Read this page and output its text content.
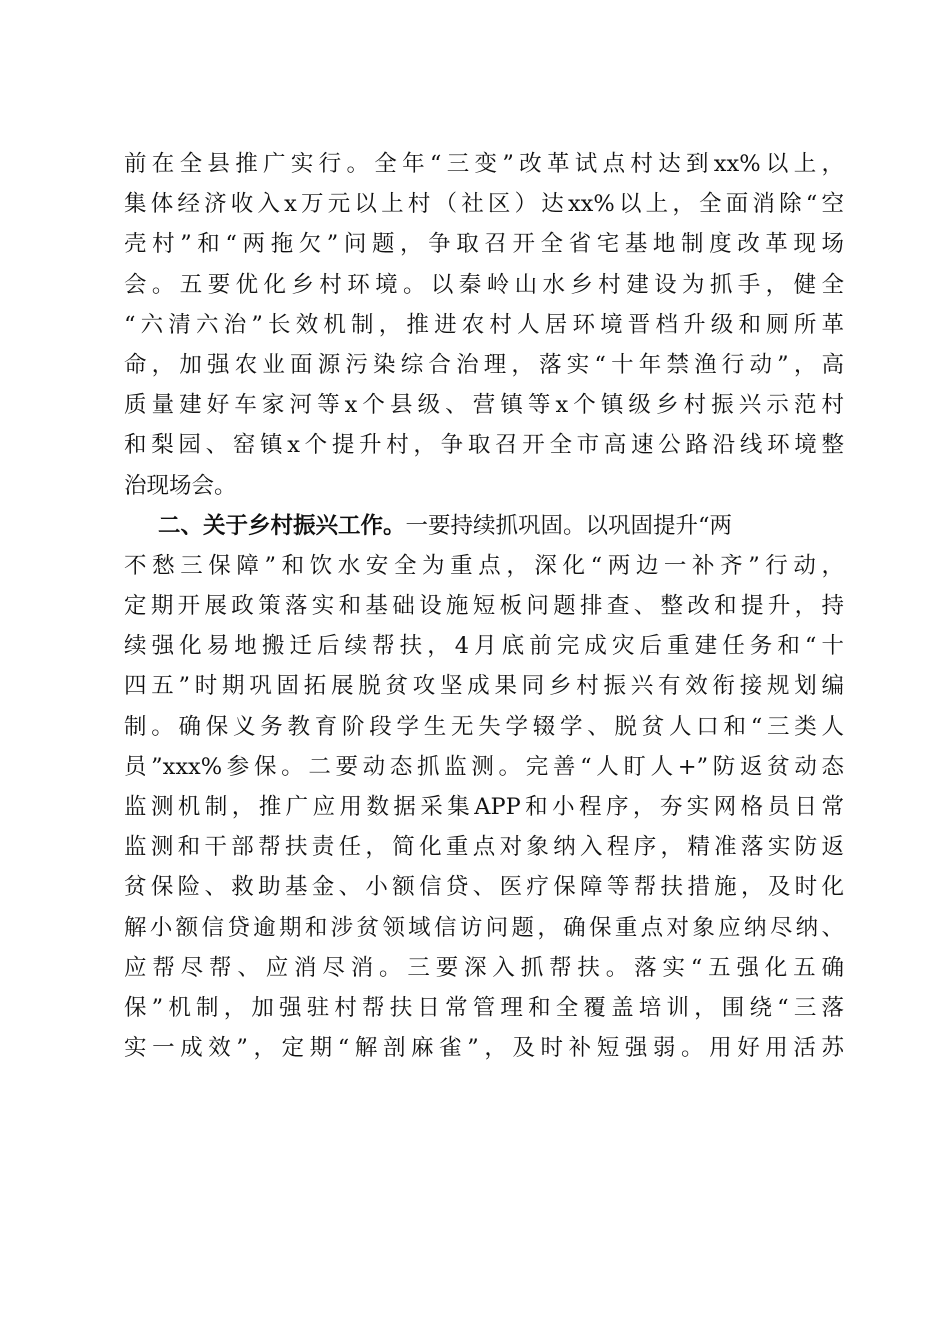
前在全县推广实行。全年“三变”改革试点村达到xx%以上，
集体经济收入x万元以上村（社区）达xx%以上，全面消除“空
壳村”和“两拖欠”问题，争取召开全省宅基地制度改革现场
会。五要优化乡村环境。以秦岭山水乡村建设为抓手，健全
“六清六治”长效机制，推进农村人居环境晋档升级和厕所革
命，加强农业面源污染综合治理，落实“十年禁渔行动”，高
质量建好车家河等x个县级、营镇等x个镇级乡村振兴示范村
和梨园、窑镇x个提升村，争取召开全市高速公路沿线环境整
治现场会。
二、关于乡村振兴工作。一要持续抓巩固。以巩固提升“两
不愁三保障”和饮水安全为重点，深化“两边一补齐”行动，
定期开展政策落实和基础设施短板问题排查、整改和提升，持
续强化易地搬迁后续帮扶，4月底前完成灾后重建任务和“十
四五”时期巩固拓展脱贫攻坚成果同乡村振兴有效衔接规划编
制。确保义务教育阶段学生无失学辍学、脱贫人口和“三类人
员”xxx%参保。二要动态抓监测。完善“人盯人+”防返贫动态
监测机制，推广应用数据采集APP和小程序，夯实网格员日常
监测和干部帮扶责任，简化重点对象纳入程序，精准落实防返
贫保险、救助基金、小额信贷、医疗保障等帮扶措施，及时化
解小额信贷逾期和涉贫领域信访问题，确保重点对象应纳尽纳、
应帮尽帮、应消尽消。三要深入抓帮扶。落实“五强化五确
保”机制，加强驻村帮扶日常管理和全覆盖培训，围绕“三落
实一成效”，定期“解剖麻雀”，及时补短强弱。用好用活苏
